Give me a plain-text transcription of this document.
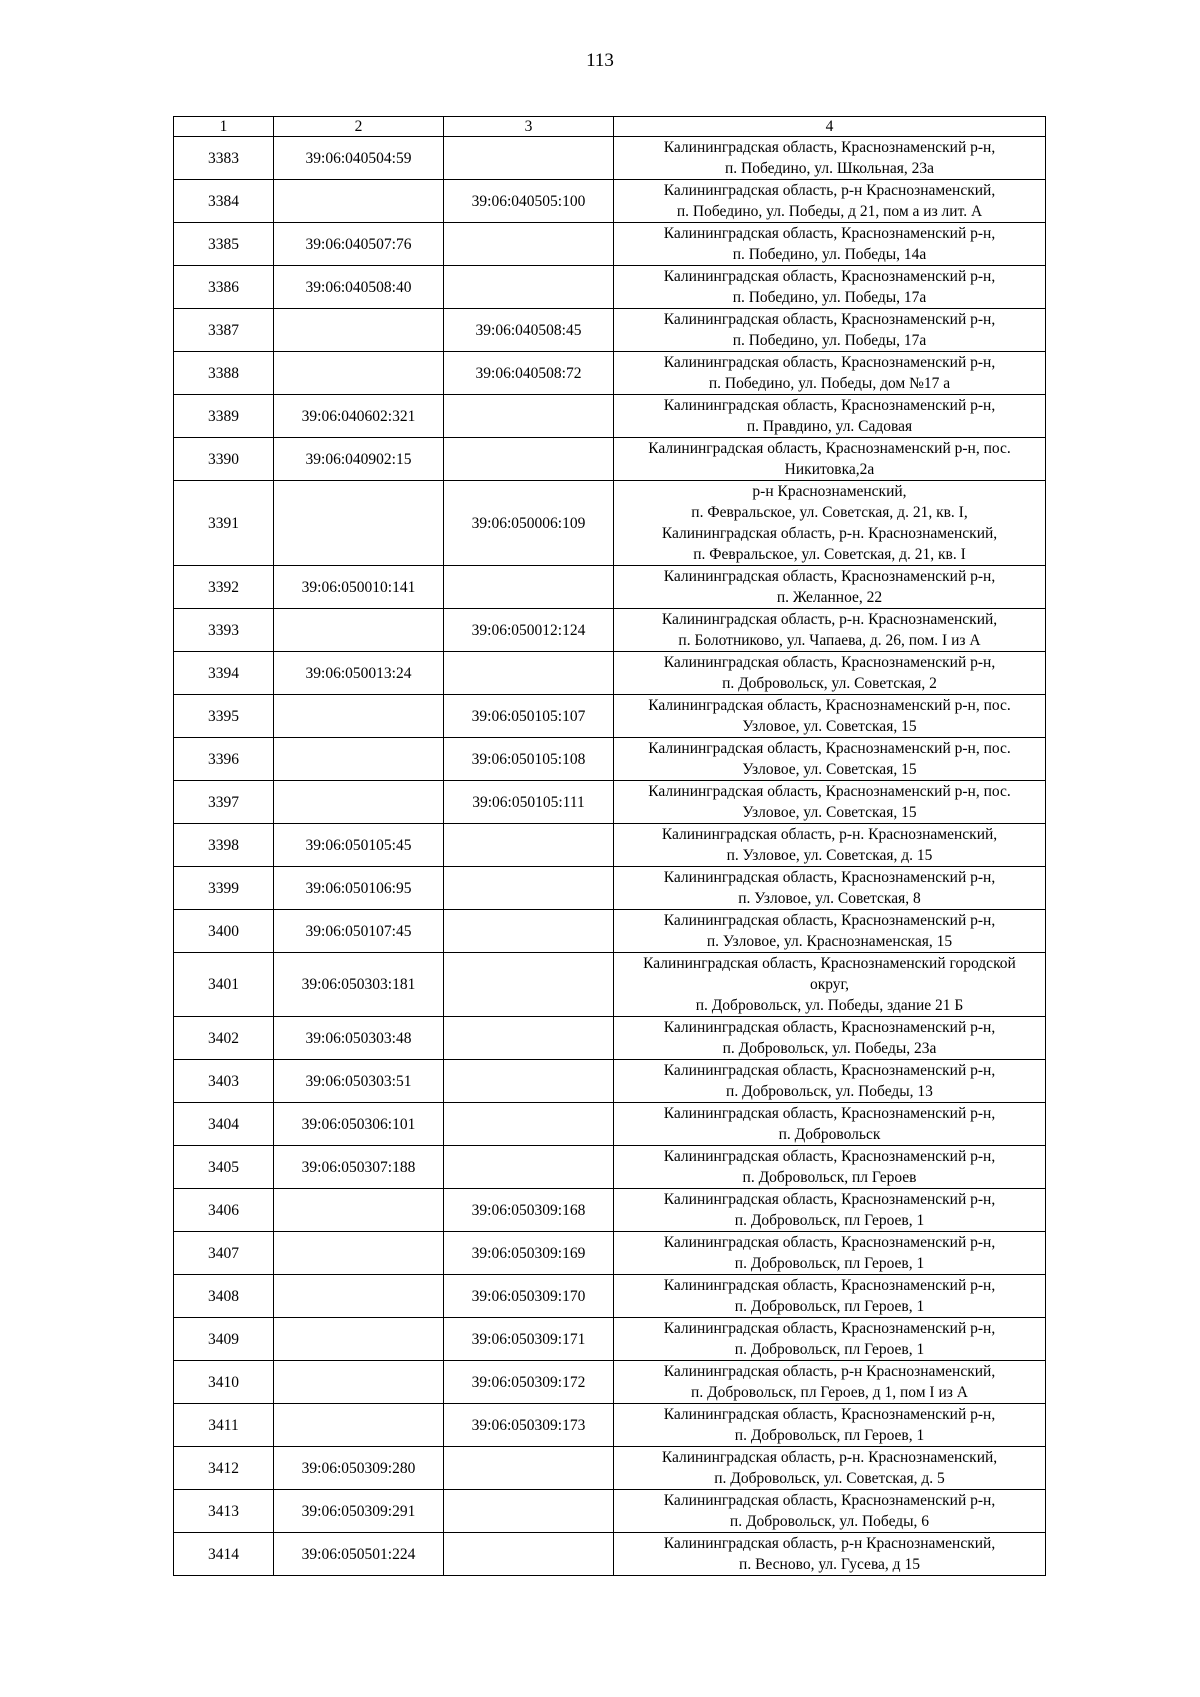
113
1	2	3	4
3383	39:06:040504:59		Калининградская область, Краснознаменский р-н,
п. Победино, ул. Школьная, 23а

3384		39:06:040505:100	Калининградская область, р-н Краснознаменский,
п. Победино, ул. Победы, д 21, пом а из лит. А

3385	39:06:040507:76		Калининградская область, Краснознаменский р-н,
п. Победино, ул. Победы, 14а

3386	39:06:040508:40		Калининградская область, Краснознаменский р-н,
п. Победино, ул. Победы, 17а

3387		39:06:040508:45	Калининградская область, Краснознаменский р-н,
п. Победино, ул. Победы, 17а

3388		39:06:040508:72	Калининградская область, Краснознаменский р-н,
п. Победино, ул. Победы, дом №17 а

3389	39:06:040602:321		Калининградская область, Краснознаменский р-н,
п. Правдино, ул. Садовая

3390	39:06:040902:15		Калининградская область, Краснознаменский р-н, пос.
Никитовка,2а

3391		39:06:050006:109	р-н Краснознаменский,
п. Февральское, ул. Советская, д. 21, кв. I,
Калининградская область, р-н. Краснознаменский,
п. Февральское, ул. Советская, д. 21, кв. I

3392	39:06:050010:141		Калининградская область, Краснознаменский р-н,
п. Желанное, 22

3393		39:06:050012:124	Калининградская область, р-н. Краснознаменский,
п. Болотниково, ул. Чапаева, д. 26, пом. I из А

3394	39:06:050013:24		Калининградская область, Краснознаменский р-н,
п. Добровольск, ул. Советская, 2

3395		39:06:050105:107	Калининградская область, Краснознаменский р-н, пос.
Узловое, ул. Советская, 15

3396		39:06:050105:108	Калининградская область, Краснознаменский р-н, пос.
Узловое, ул. Советская, 15

3397		39:06:050105:111	Калининградская область, Краснознаменский р-н, пос.
Узловое, ул. Советская, 15

3398	39:06:050105:45		Калининградская область, р-н. Краснознаменский,
п. Узловое, ул. Советская, д. 15

3399	39:06:050106:95		Калининградская область, Краснознаменский р-н,
п. Узловое, ул. Советская, 8

3400	39:06:050107:45		Калининградская область, Краснознаменский р-н,
п. Узловое, ул. Краснознаменская, 15

3401	39:06:050303:181		Калининградская область, Краснознаменский городской
округ,
п. Добровольск, ул. Победы, здание 21 Б

3402	39:06:050303:48		Калининградская область, Краснознаменский р-н,
п. Добровольск, ул. Победы, 23а

3403	39:06:050303:51		Калининградская область, Краснознаменский р-н,
п. Добровольск, ул. Победы, 13

3404	39:06:050306:101		Калининградская область, Краснознаменский р-н,
п. Добровольск

3405	39:06:050307:188		Калининградская область, Краснознаменский р-н,
п. Добровольск, пл Героев

3406		39:06:050309:168	Калининградская область, Краснознаменский р-н,
п. Добровольск, пл Героев, 1

3407		39:06:050309:169	Калининградская область, Краснознаменский р-н,
п. Добровольск, пл Героев, 1

3408		39:06:050309:170	Калининградская область, Краснознаменский р-н,
п. Добровольск, пл Героев, 1

3409		39:06:050309:171	Калининградская область, Краснознаменский р-н,
п. Добровольск, пл Героев, 1

3410		39:06:050309:172	Калининградская область, р-н Краснознаменский,
п. Добровольск, пл Героев, д 1, пом I из А

3411		39:06:050309:173	Калининградская область, Краснознаменский р-н,
п. Добровольск, пл Героев, 1

3412	39:06:050309:280		Калининградская область, р-н. Краснознаменский,
п. Добровольск, ул. Советская, д. 5

3413	39:06:050309:291		Калининградская область, Краснознаменский р-н,
п. Добровольск, ул. Победы, 6

3414	39:06:050501:224		Калининградская область, р-н Краснознаменский,
п. Весново, ул. Гусева, д 15
